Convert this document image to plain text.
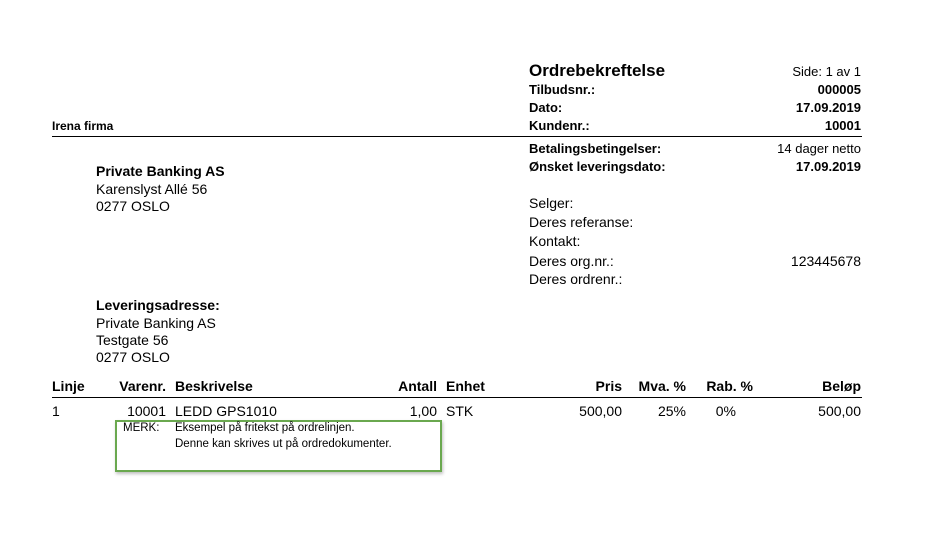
Irena firma
Ordrebekreftelse	Side: 1 av 1
Tilbudsnr.:	000005
Dato:	17.09.2019
Kundenr.:	10001
Betalingsbetingelser:	14 dager netto
Ønsket leveringsdato:	17.09.2019
Selger:
Deres referanse:
Kontakt:
Deres org.nr.:	123445678
Deres ordrenr.:
Private Banking AS
Karenslyst Allé 56
0277 OSLO
Leveringsadresse:
Private Banking AS
Testgate 56
0277 OSLO
Linje	Varenr. Beskrivelse	Antall Enhet	Pris	Mva. %	Rab. %	Beløp
1	10001 LEDD GPS1010	1,00 STK	500,00	25%	0%	500,00
MERK: Eksempel på fritekst på ordrelinjen.
Denne kan skrives ut på ordredokumenter.
